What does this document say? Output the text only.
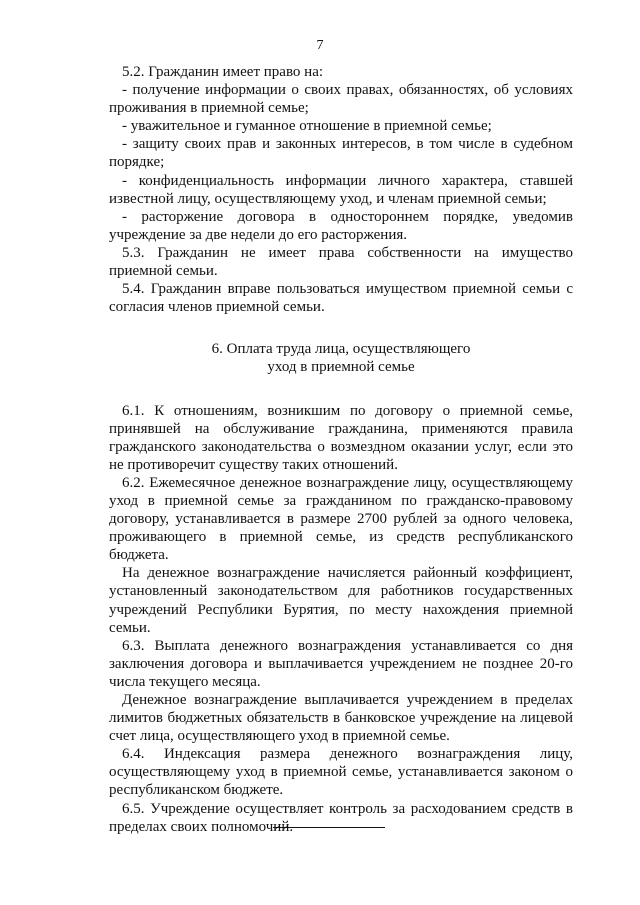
7

5.2. Гражданин имеет право на:

- получение информации о своих правах, обязанностях, об условиях проживания в приемной семье;

- уважительное и гуманное отношение в приемной семье;

- защиту своих прав и законных интересов, в том числе в судебном порядке;

- конфиденциальность информации личного характера, ставшей известной лицу, осуществляющему уход, и членам приемной семьи;

- расторжение договора в одностороннем порядке, уведомив учреждение за две недели до его расторжения.

5.3. Гражданин не имеет права собственности на имущество приемной семьи.

5.4. Гражданин вправе пользоваться имуществом приемной семьи с согласия членов приемной семьи.

6. Оплата труда лица, осуществляющего
уход в приемной семье

6.1. К отношениям, возникшим по договору о приемной семье, принявшей на обслуживание гражданина, применяются правила гражданского законодательства о возмездном оказании услуг, если это не противоречит существу таких отношений.

6.2. Ежемесячное денежное вознаграждение лицу, осуществляющему уход в приемной семье за гражданином по гражданско-правовому договору, устанавливается в размере 2700 рублей за одного человека, проживающего в приемной семье, из средств республиканского бюджета.

На денежное вознаграждение начисляется районный коэффициент, установленный законодательством для работников государственных учреждений Республики Бурятия, по месту нахождения приемной семьи.

6.3. Выплата денежного вознаграждения устанавливается со дня заключения договора и выплачивается учреждением не позднее 20-го числа текущего месяца.

Денежное вознаграждение выплачивается учреждением в пределах лимитов бюджетных обязательств в банковское учреждение на лицевой счет лица, осуществляющего уход в приемной семье.

6.4. Индексация размера денежного вознаграждения лицу, осуществляющему уход в приемной семье, устанавливается законом о республиканском бюджете.

6.5. Учреждение осуществляет контроль за расходованием средств в пределах своих полномочий.
